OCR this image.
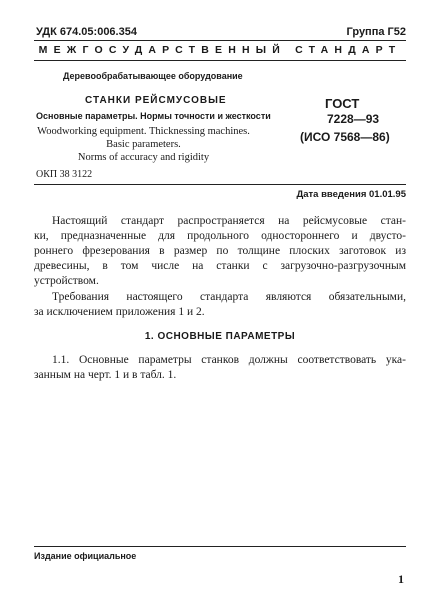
УДК 674.05:006.354	Группа Г52
МЕЖГОСУДАРСТВЕННЫЙ СТАНДАРТ
Деревообрабатывающее оборудование
СТАНКИ РЕЙСМУСОВЫЕ
Основные параметры. Нормы точности и жесткости
Woodworking equipment. Thicknessing machines.
Basic parameters.
Norms of accuracy and rigidity
ГОСТ
7228—93
(ИСО 7568—86)
ОКП 38 3122
Дата введения 01.01.95
Настоящий стандарт распространяется на рейсмусовые стан-
ки, предназначенные для продольного одностороннего и двусто-
роннего фрезерования в размер по толщине плоских заготовок из
древесины, в том числе на станки с загрузочно-разгрузочным
устройством.
Требования настоящего стандарта являются обязательными,
за исключением приложения 1 и 2.
1. ОСНОВНЫЕ ПАРАМЕТРЫ
1.1. Основные параметры станков должны соответствовать ука-
занным на черт. 1 и в табл. 1.
Издание официальное
1
